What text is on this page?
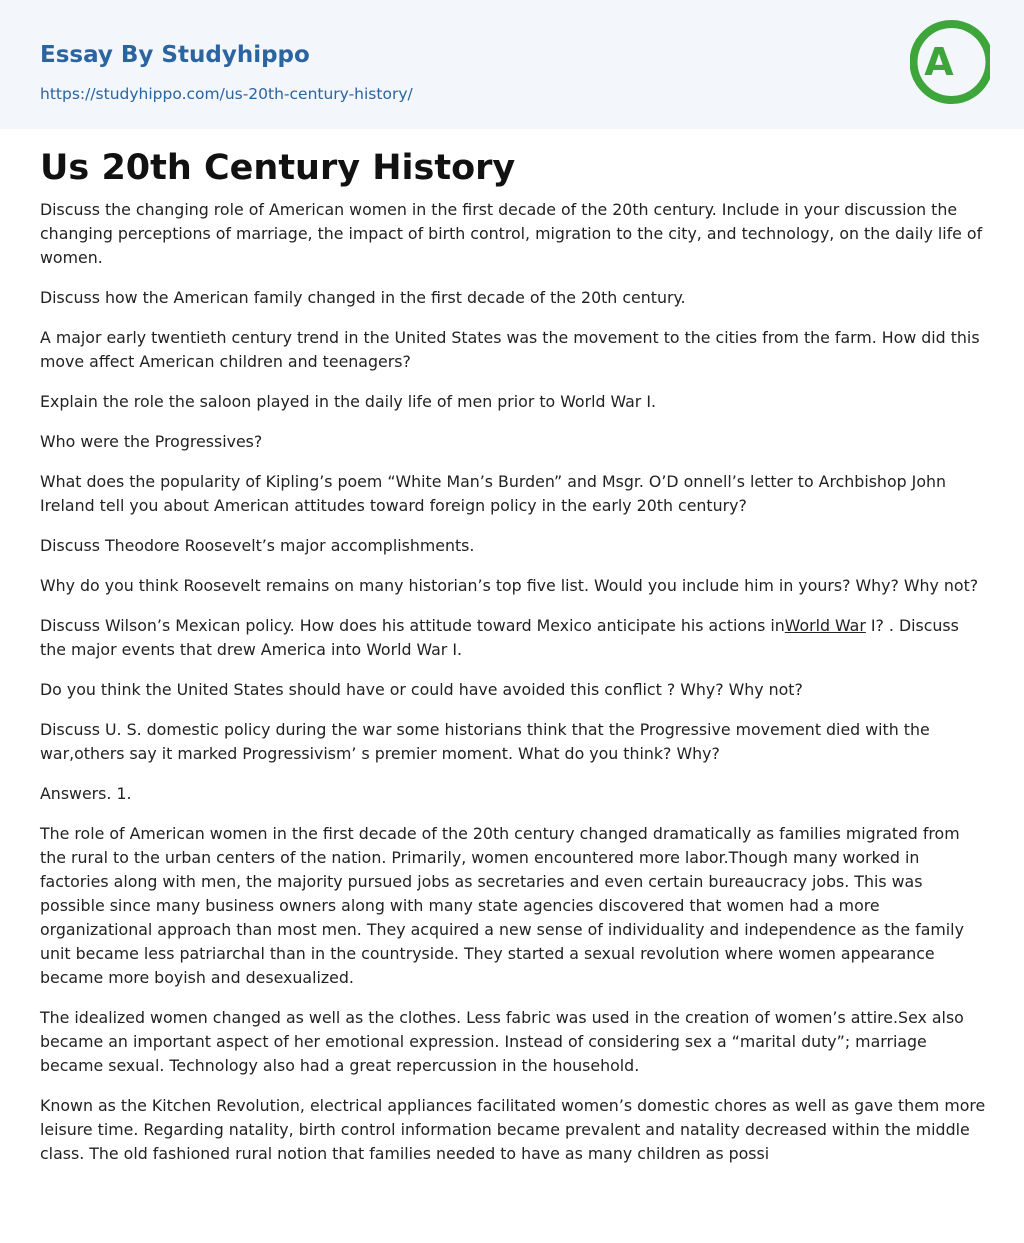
Essay By Studyhippo
https://studyhippo.com/us-20th-century-history/
A
Us 20th Century History

Discuss the changing role of American women in the first decade of the 20th century. Include in your discussion the changing perceptions of marriage, the impact of birth control, migration to the city, and technology, on the daily life of women.

Discuss how the American family changed in the first decade of the 20th century.

A major early twentieth century trend in the United States was the movement to the cities from the farm. How did this move affect American children and teenagers?

Explain the role the saloon played in the daily life of men prior to World War I.

Who were the Progressives?

What does the popularity of Kipling’s poem “White Man’s Burden” and Msgr. O’D onnell’s letter to Archbishop John Ireland tell you about American attitudes toward foreign policy in the early 20th century?

Discuss Theodore Roosevelt’s major accomplishments.

Why do you think Roosevelt remains on many historian’s top five list. Would you include him in yours? Why? Why not?

Discuss Wilson’s Mexican policy. How does his attitude toward Mexico anticipate his actions inWorld War I? . Discuss the major events that drew America into World War I.

Do you think the United States should have or could have avoided this conflict ? Why? Why not?

Discuss U. S. domestic policy during the war some historians think that the Progressive movement died with the war,others say it marked Progressivism’ s premier moment. What do you think? Why?

Answers. 1.

The role of American women in the first decade of the 20th century changed dramatically as families migrated from the rural to the urban centers of the nation. Primarily, women encountered more labor.Though many worked in factories along with men, the majority pursued jobs as secretaries and even certain bureaucracy jobs. This was possible since many business owners along with many state agencies discovered that women had a more organizational approach than most men. They acquired a new sense of individuality and independence as the family unit became less patriarchal than in the countryside. They started a sexual revolution where women appearance became more boyish and desexualized.

The idealized women changed as well as the clothes. Less fabric was used in the creation of women’s attire.Sex also became an important aspect of her emotional expression. Instead of considering sex a “marital duty”; marriage became sexual. Technology also had a great repercussion in the household.

Known as the Kitchen Revolution, electrical appliances facilitated women’s domestic chores as well as gave them more leisure time. Regarding natality, birth control information became prevalent and natality decreased within the middle class. The old fashioned rural notion that families needed to have as many children as possi
